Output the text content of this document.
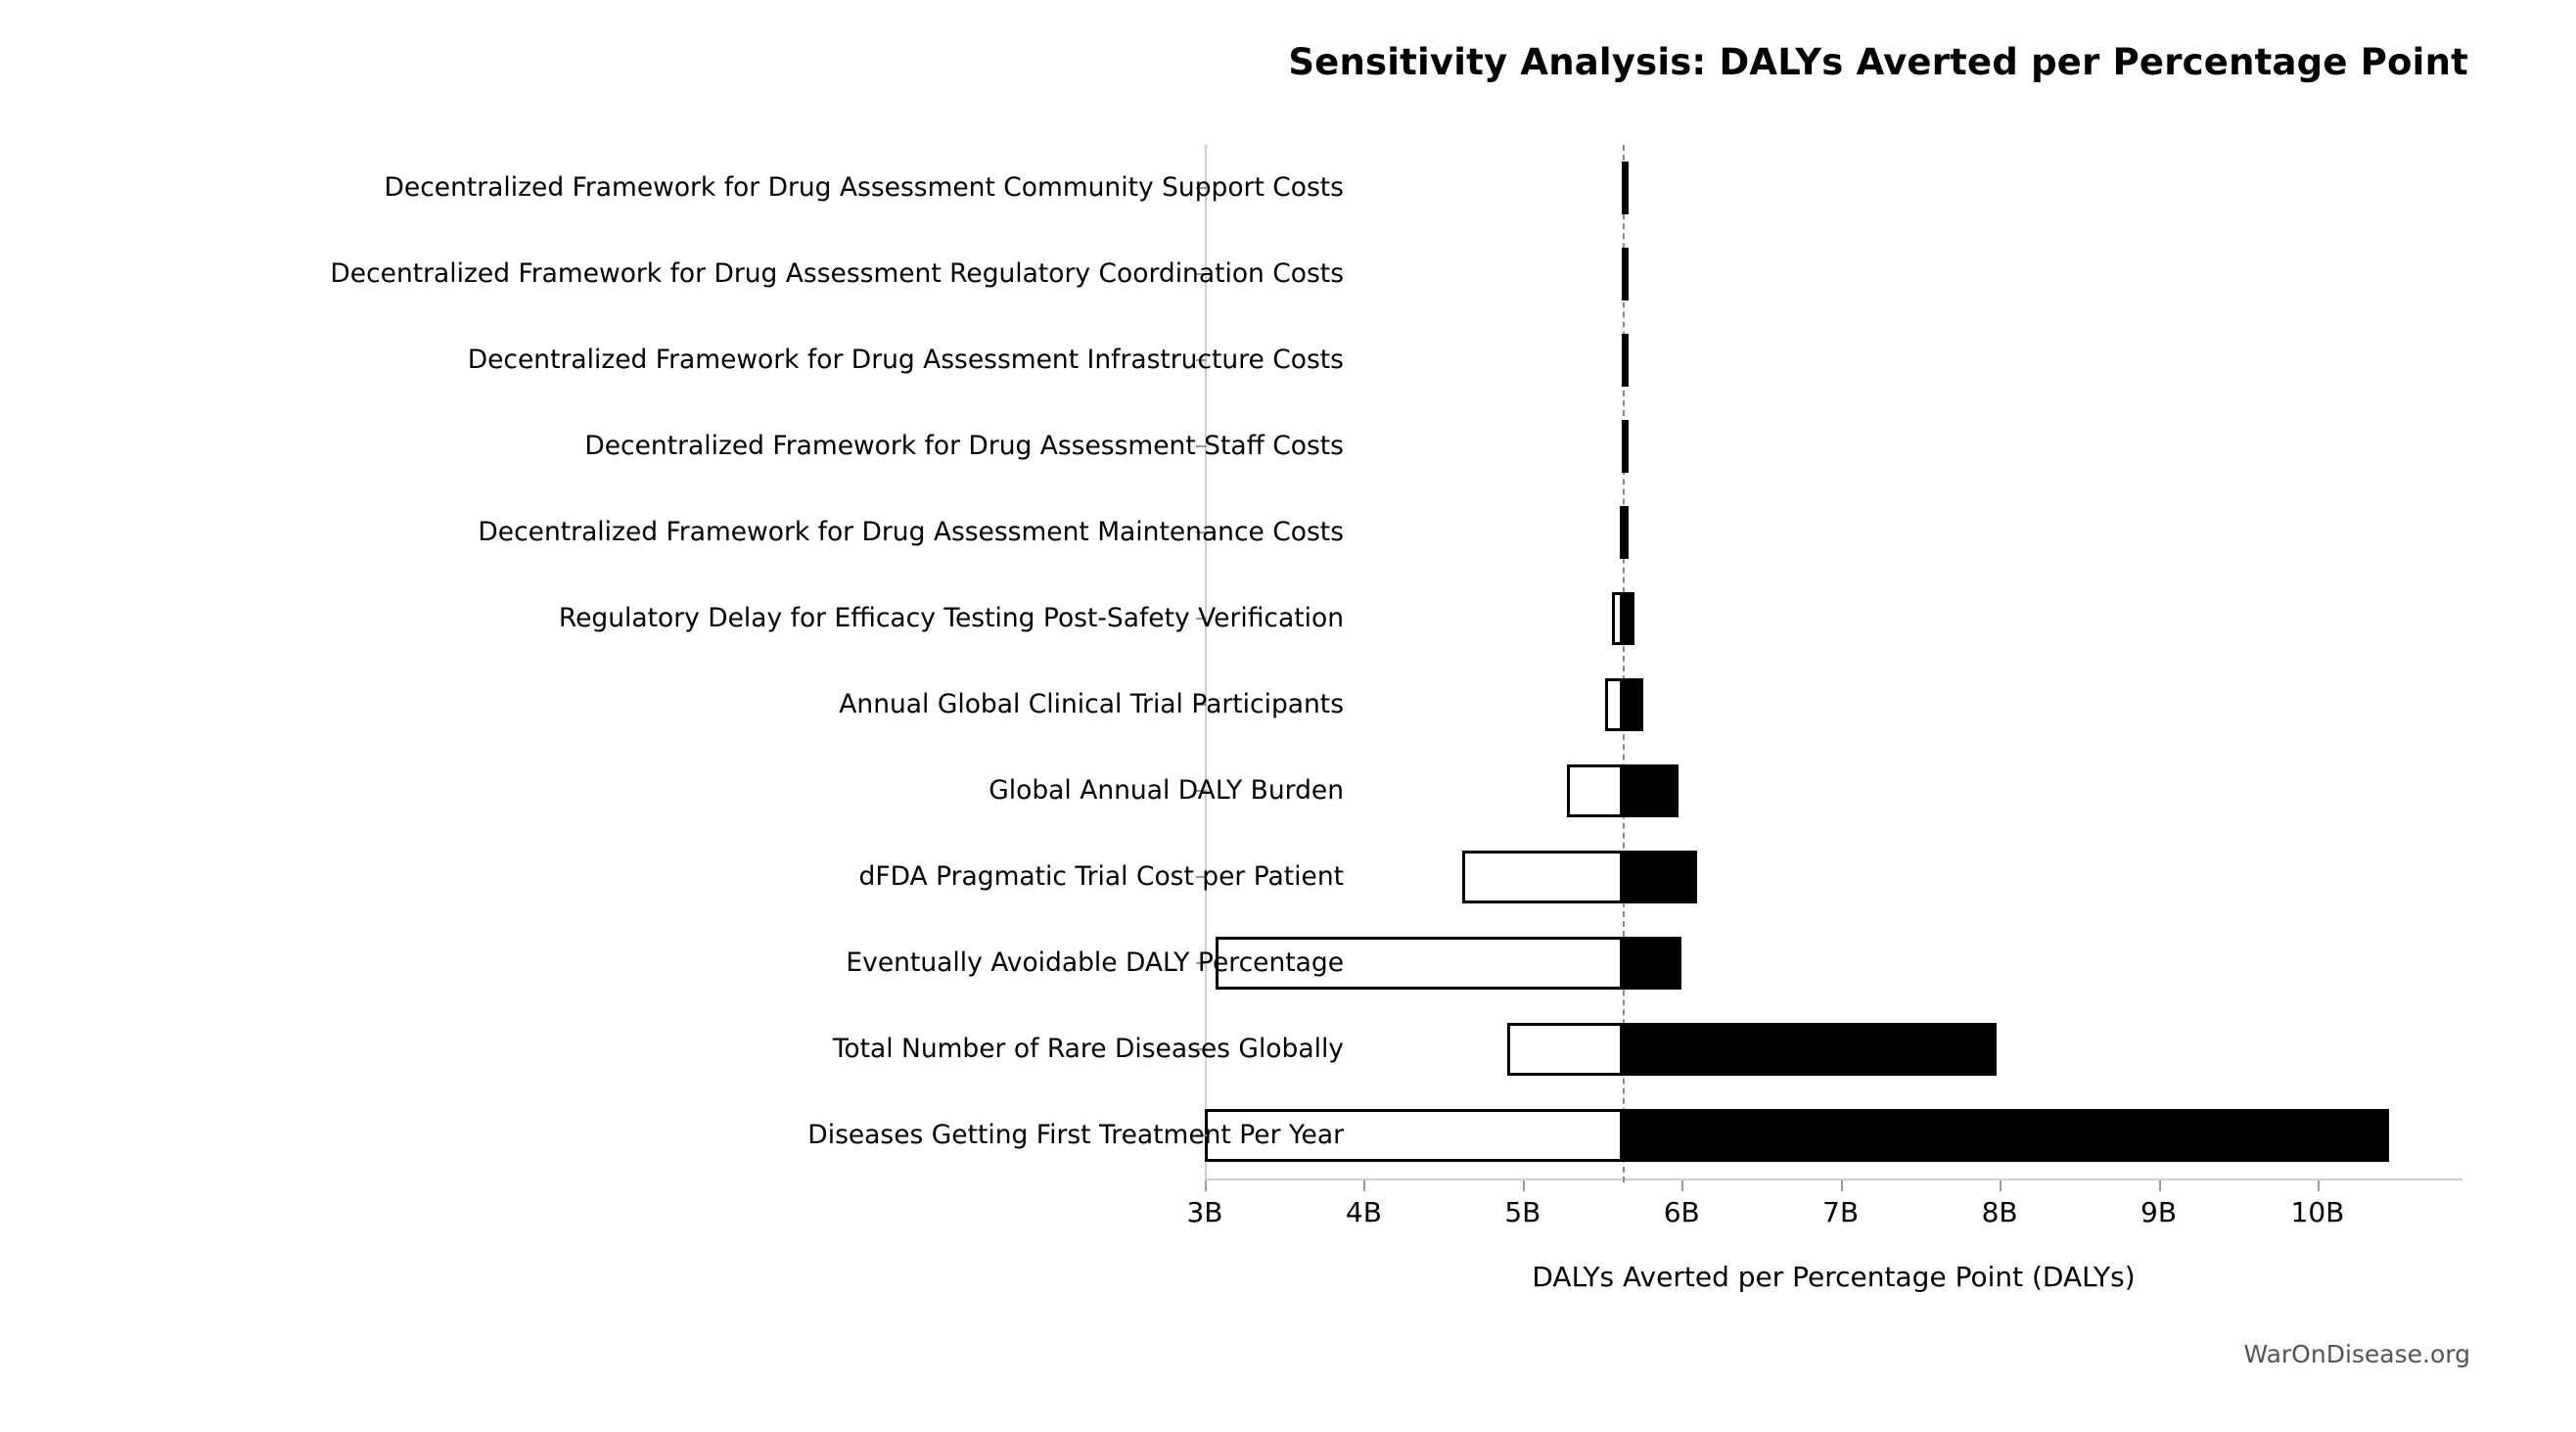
Sensitivity Analysis: DALYs Averted per Percentage Point
DALYs Averted per Percentage Point (DALYs)
WarOnDisease.org
Decentralized Framework for Drug Assessment Community Support Costs
Decentralized Framework for Drug Assessment Regulatory Coordination Costs
Decentralized Framework for Drug Assessment Infrastructure Costs
Decentralized Framework for Drug Assessment Staff Costs
Decentralized Framework for Drug Assessment Maintenance Costs
Regulatory Delay for Efficacy Testing Post-Safety Verification
Annual Global Clinical Trial Participants
Global Annual DALY Burden
dFDA Pragmatic Trial Cost per Patient
Eventually Avoidable DALY Percentage
Total Number of Rare Diseases Globally
Diseases Getting First Treatment Per Year
3B	4B	5B	6B	7B	8B	9B	10B
